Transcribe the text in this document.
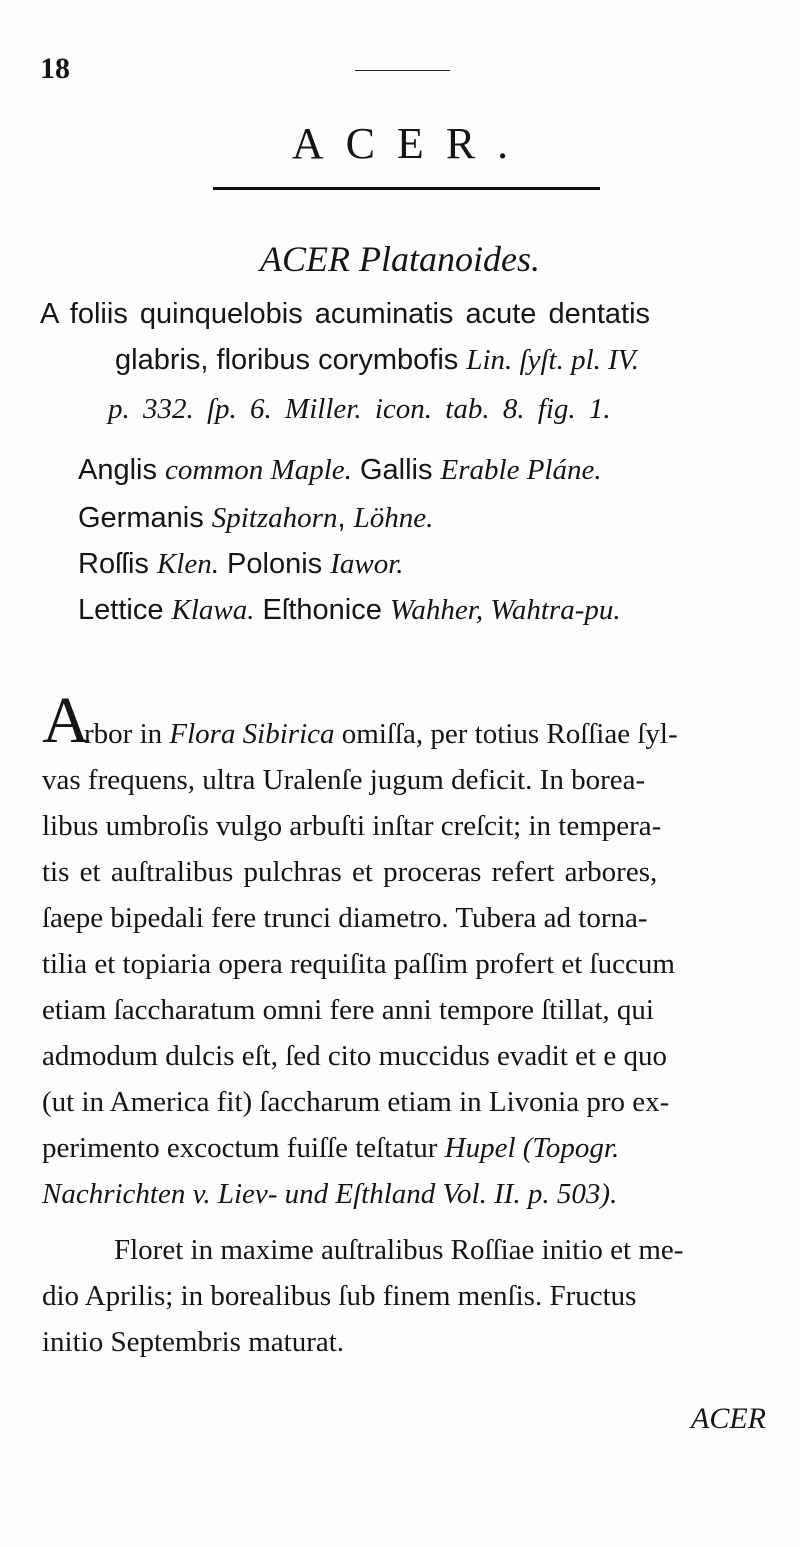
18
ACER.
ACER Platanoides.
A foliis quinquelobis acuminatis acute dentatis
glabris, floribus corymbofis Lin. ſyſt. pl. IV.
p. 332. ſp. 6. Miller. icon. tab. 8. fig. 1.
Anglis common Maple. Gallis Erable Pláne.
Germanis Spitzahorn, Löhne.
Roſſis Klen. Polonis Iawor.
Lettice Klawa. Eſthonice Wahher, Wahtra-pu.
A
rbor in Flora Sibirica omiſſa, per totius Roſſiae ſyl-
vas frequens, ultra Uralenſe jugum deficit. In borea-
libus umbroſis vulgo arbuſti inſtar creſcit; in tempera-
tis et auſtralibus pulchras et proceras refert arbores,
ſaepe bipedali fere trunci diametro. Tubera ad torna-
tilia et topiaria opera requiſita paſſim profert et ſuccum
etiam ſaccharatum omni fere anni tempore ſtillat, qui
admodum dulcis eſt, ſed cito muccidus evadit et e quo
(ut in America fit) ſaccharum etiam in Livonia pro ex-
perimento excoctum fuiſſe teſtatur Hupel (Topogr.
Nachrichten v. Liev- und Eſthland Vol. II. p. 503).
Floret in maxime auſtralibus Roſſiae initio et me-
dio Aprilis; in borealibus ſub finem menſis. Fructus
initio Septembris maturat.
ACER
